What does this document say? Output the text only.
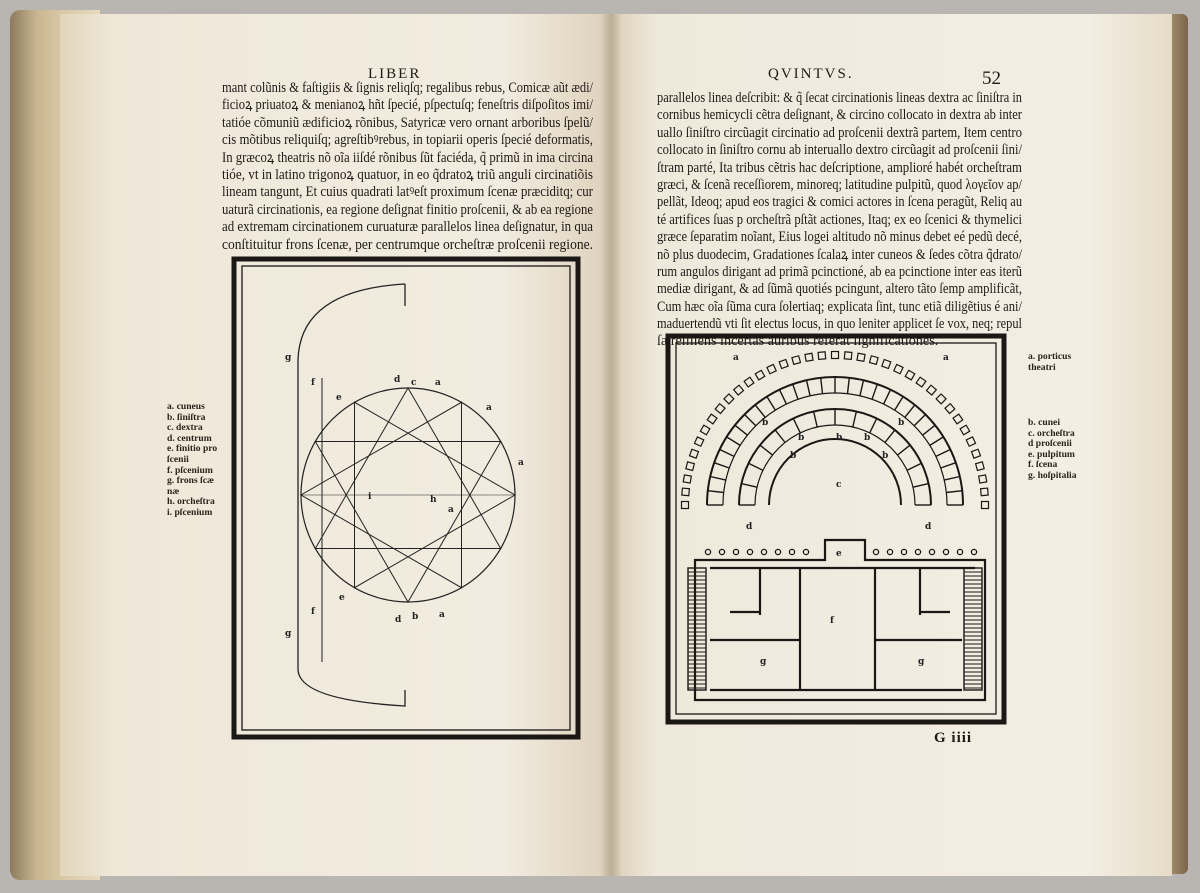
LIBER
mant colũnis & faſtigiis & ſignis reliqſq; regalibus rebus, Comicæ aũt ædi/
ficioꝝ priuatoꝝ & menianoꝝ hñt ſpecié, pſpectuſq; feneſtris diſpoſitos imi/
tatióe cõmuniũ ædificioꝝ rõnibus, Satyricæ vero ornant arboribus ſpelũ/
cis mõtibus reliquiſq; agreſtibꝰrebus, in topiarii operis ſpecié deformatis,
In græcoꝝ theatris nõ oĩa iiſdé rõnibus ſũt faciéda, q̃ primũ in ima circina
tióe, vt in latino trigonoꝝ quatuor, in eo q̃dratoꝝ triũ anguli circinatiõis
lineam tangunt, Et cuius quadrati latꝰeſt proximum ſcenæ præciditq; cur
uaturã circinationis, ea regione deſignat finitio proſcenii, & ab ea regione
ad extremam circinationem curuaturæ parallelos linea deſignatur, in qua
conſtituitur frons ſcenæ, per centrumque orcheſtræ proſcenii regione.
a. cuneus
b. ſiniſtra
c. dextra
d. centrum
e. finitio pro
ſcenii
f. pſcenium
g. frons ſcæ
næ
h. orcheſtra
i. pſcenium
g
f
e
d c a
a
a
i	h
a
e
f
d b a
g
QVINTVS.	52
parallelos linea deſcribit: & q̃ ſecat circinationis lineas dextra ac ſiniſtra in
cornibus hemicycli cẽtra deſignant, & circino collocato in dextra ab inter
uallo ſiniſtro circũagit circinatio ad proſcenii dextrã partem, Item centro
collocato in ſiniſtro cornu ab interuallo dextro circũagit ad proſcenii ſini/
ſtram parté, Ita tribus cẽtris hac deſcriptione, amplioré habét orcheſtram
græci, & ſcenã receſſiorem, minoreq; latitudine pulpitũ, quod λογεῖον ap/
pellãt, Ideoq; apud eos tragici & comici actores in ſcena peragũt, Reliq au
té artifices ſuas p orcheſtrã pſtãt actiones, Itaq; ex eo ſcenici & thymelici
græce ſeparatim noĩant, Eius logei altitudo nõ minus debet eé pedũ decé,
nõ plus duodecim, Gradationes ſcalaꝝ inter cuneos & ſedes cõtra q̃drato/
rum angulos dirigant ad primã pcinctioné, ab ea pcinctione inter eas iterũ
mediæ dirigant, & ad ſũmã quotiés pcingunt, altero tãto ſemp amplificãt,
Cum hæc oĩa ſũma cura ſolertiaq; explicata ſint, tunc etiã diligẽtius é ani/
maduertendũ vti ſit electus locus, in quo leniter applicet ſe vox, neq; repul
ſa reſiliens incertas auribus referat ſignificationes.
a. porticus
theatri
b. cunei
c. orcheſtra
d proſcenii
e. pulpitum
f. ſcena
g. hoſpitalia
a	a
b
b	b b
b
b	b
c
d	d
e
f
g	g
G iiii
